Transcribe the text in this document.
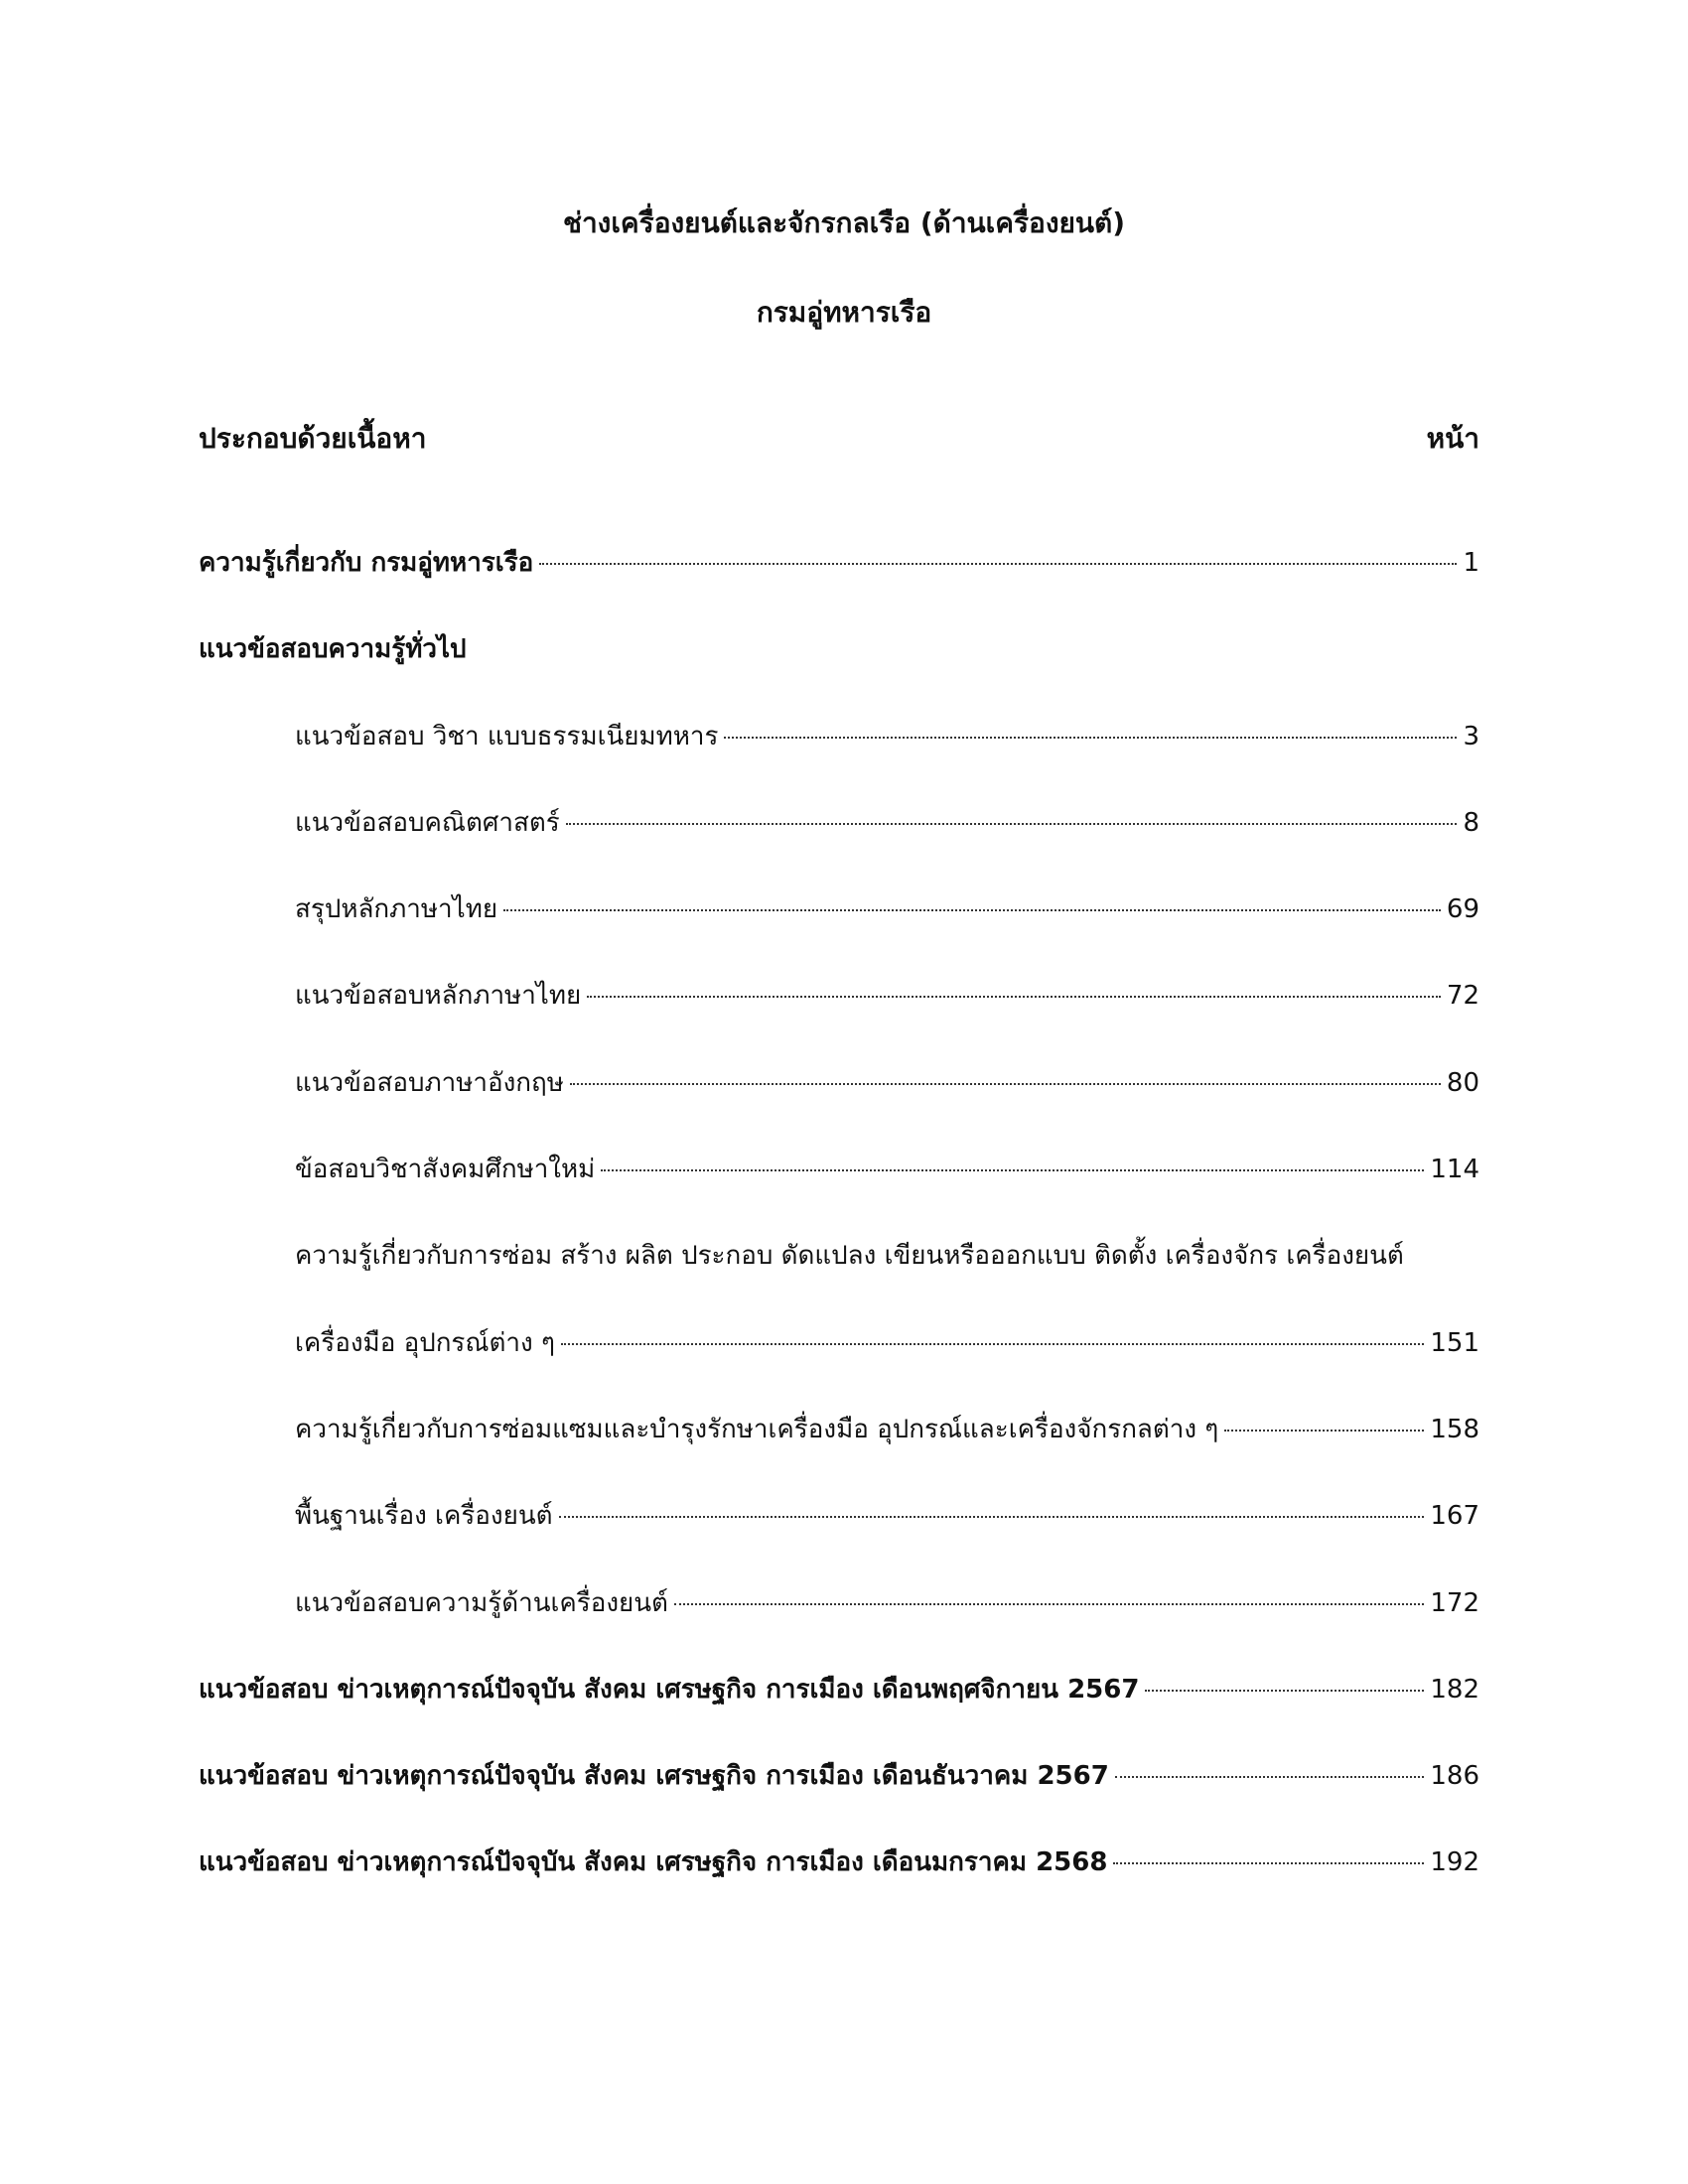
ช่างเครื่องยนต์และจักรกลเรือ (ด้านเครื่องยนต์)
กรมอู่ทหารเรือ
ประกอบด้วยเนื้อหา	หน้า
ความรู้เกี่ยวกับ กรมอู่ทหารเรือ	1
แนวข้อสอบความรู้ทั่วไป
แนวข้อสอบ วิชา แบบธรรมเนียมทหาร	3
แนวข้อสอบคณิตศาสตร์	8
สรุปหลักภาษาไทย	69
แนวข้อสอบหลักภาษาไทย	72
แนวข้อสอบภาษาอังกฤษ	80
ข้อสอบวิชาสังคมศึกษาใหม่	114
ความรู้เกี่ยวกับการซ่อม สร้าง ผลิต ประกอบ ดัดแปลง เขียนหรือออกแบบ ติดตั้ง เครื่องจักร เครื่องยนต์
เครื่องมือ อุปกรณ์ต่าง ๆ	151
ความรู้เกี่ยวกับการซ่อมแซมและบำรุงรักษาเครื่องมือ อุปกรณ์และเครื่องจักรกลต่าง ๆ	158
พื้นฐานเรื่อง เครื่องยนต์	167
แนวข้อสอบความรู้ด้านเครื่องยนต์	172
แนวข้อสอบ ข่าวเหตุการณ์ปัจจุบัน สังคม เศรษฐกิจ การเมือง เดือนพฤศจิกายน 2567	182
แนวข้อสอบ ข่าวเหตุการณ์ปัจจุบัน สังคม เศรษฐกิจ การเมือง เดือนธันวาคม 2567	186
แนวข้อสอบ ข่าวเหตุการณ์ปัจจุบัน สังคม เศรษฐกิจ การเมือง เดือนมกราคม 2568	192
